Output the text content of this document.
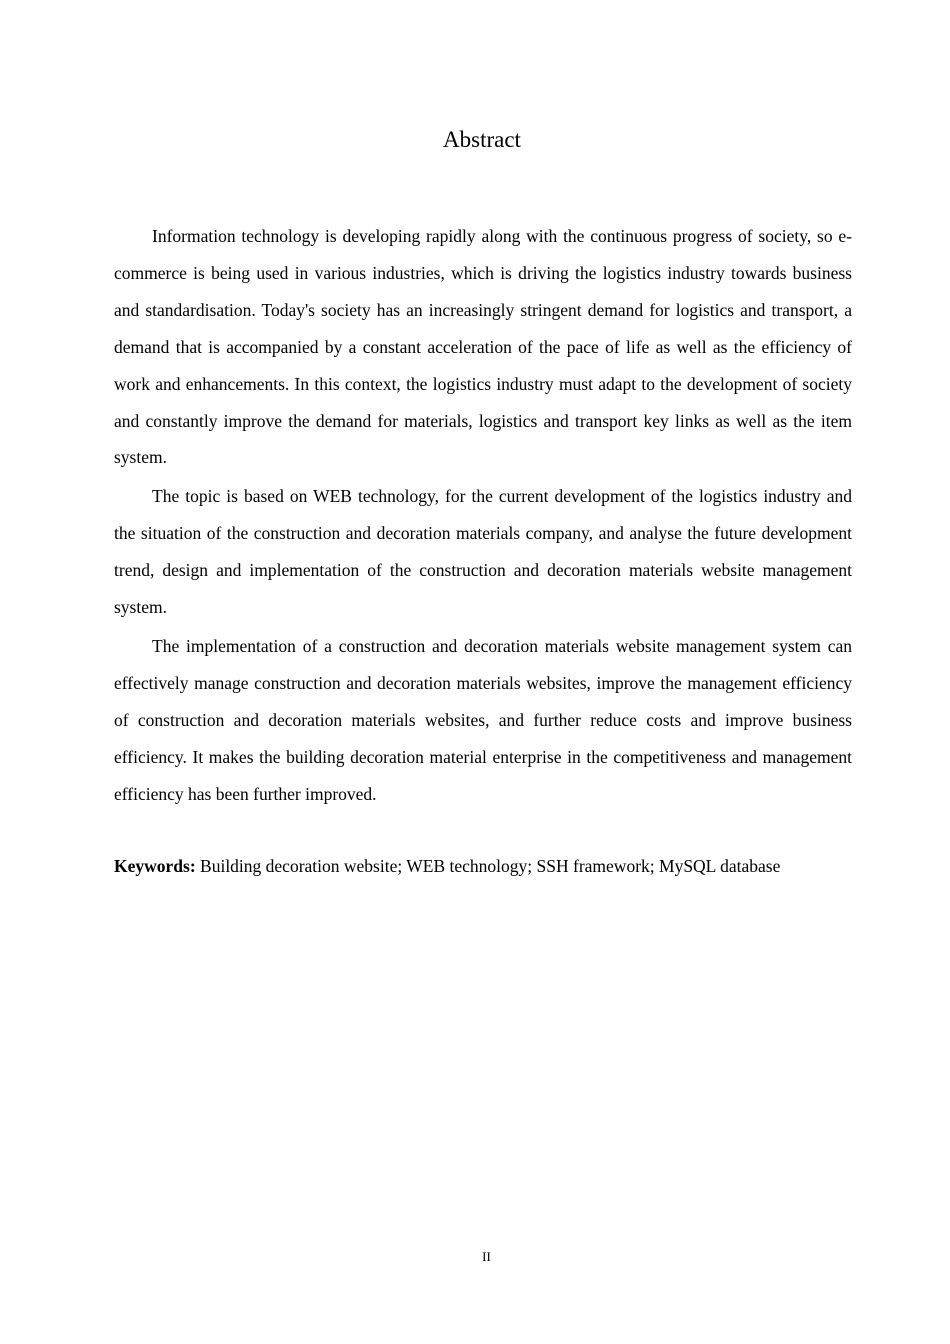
Abstract

Information technology is developing rapidly along with the continuous progress of society, so e-commerce is being used in various industries, which is driving the logistics industry towards business and standardisation. Today's society has an increasingly stringent demand for logistics and transport, a demand that is accompanied by a constant acceleration of the pace of life as well as the efficiency of work and enhancements. In this context, the logistics industry must adapt to the development of society and constantly improve the demand for materials, logistics and transport key links as well as the item system.

The topic is based on WEB technology, for the current development of the logistics industry and the situation of the construction and decoration materials company, and analyse the future development trend, design and implementation of the construction and decoration materials website management system.

The implementation of a construction and decoration materials website management system can effectively manage construction and decoration materials websites, improve the management efficiency of construction and decoration materials websites, and further reduce costs and improve business efficiency. It makes the building decoration material enterprise in the competitiveness and management efficiency has been further improved.

Keywords: Building decoration website; WEB technology; SSH framework; MySQL database
II
